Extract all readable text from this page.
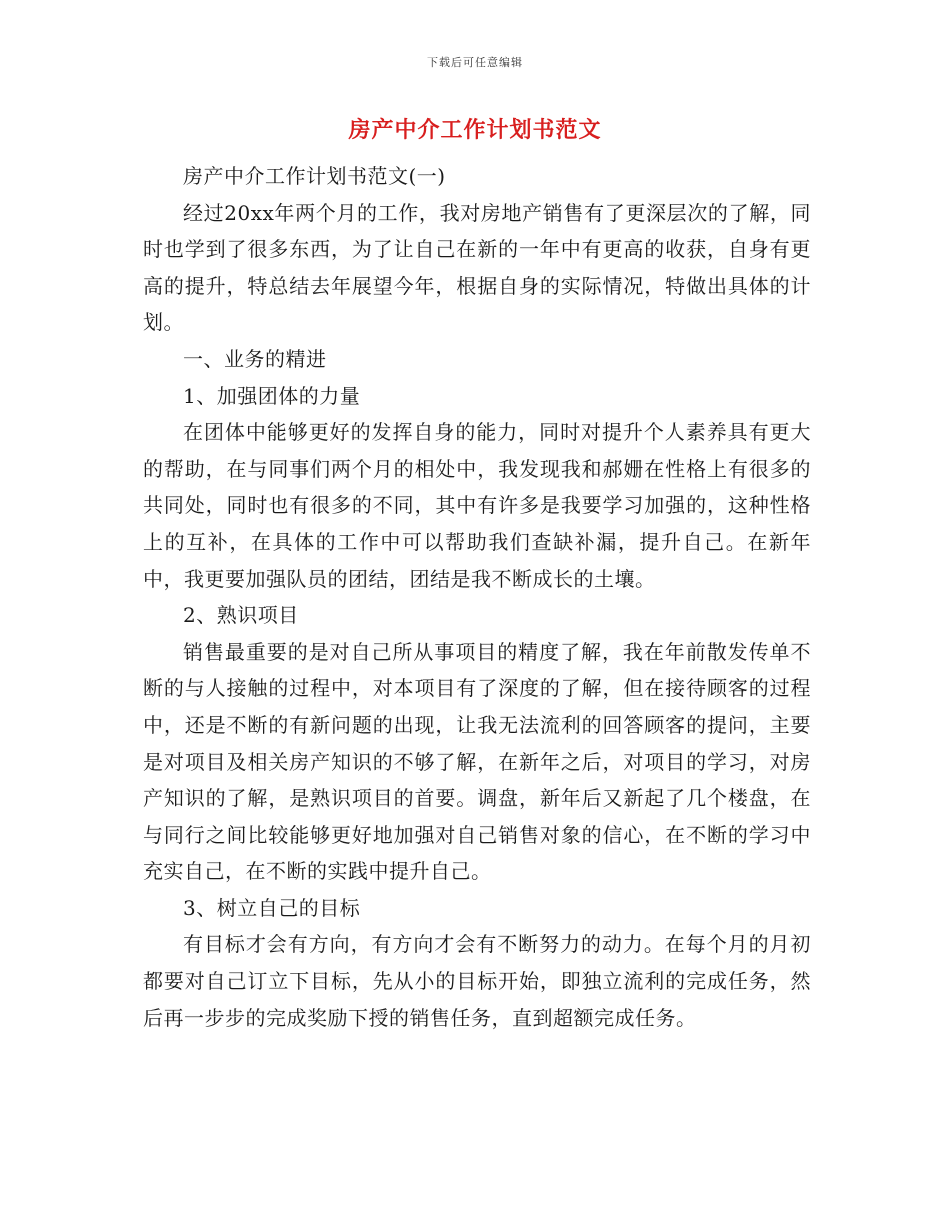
下载后可任意编辑
房产中介工作计划书范文

房产中介工作计划书范文(一)

经过20xx年两个月的工作，我对房地产销售有了更深层次的了解，同时也学到了很多东西，为了让自己在新的一年中有更高的收获，自身有更高的提升，特总结去年展望今年，根据自身的实际情况，特做出具体的计划。

一、业务的精进

1、加强团体的力量

在团体中能够更好的发挥自身的能力，同时对提升个人素养具有更大的帮助，在与同事们两个月的相处中，我发现我和郝姗在性格上有很多的共同处，同时也有很多的不同，其中有许多是我要学习加强的，这种性格上的互补，在具体的工作中可以帮助我们查缺补漏，提升自己。在新年中，我更要加强队员的团结，团结是我不断成长的土壤。

2、熟识项目

销售最重要的是对自己所从事项目的精度了解，我在年前散发传单不断的与人接触的过程中，对本项目有了深度的了解，但在接待顾客的过程中，还是不断的有新问题的出现，让我无法流利的回答顾客的提问，主要是对项目及相关房产知识的不够了解，在新年之后，对项目的学习，对房产知识的了解，是熟识项目的首要。调盘，新年后又新起了几个楼盘，在与同行之间比较能够更好地加强对自己销售对象的信心，在不断的学习中充实自己，在不断的实践中提升自己。

3、树立自己的目标

有目标才会有方向，有方向才会有不断努力的动力。在每个月的月初都要对自己订立下目标，先从小的目标开始，即独立流利的完成任务，然后再一步步的完成奖励下授的销售任务，直到超额完成任务。
